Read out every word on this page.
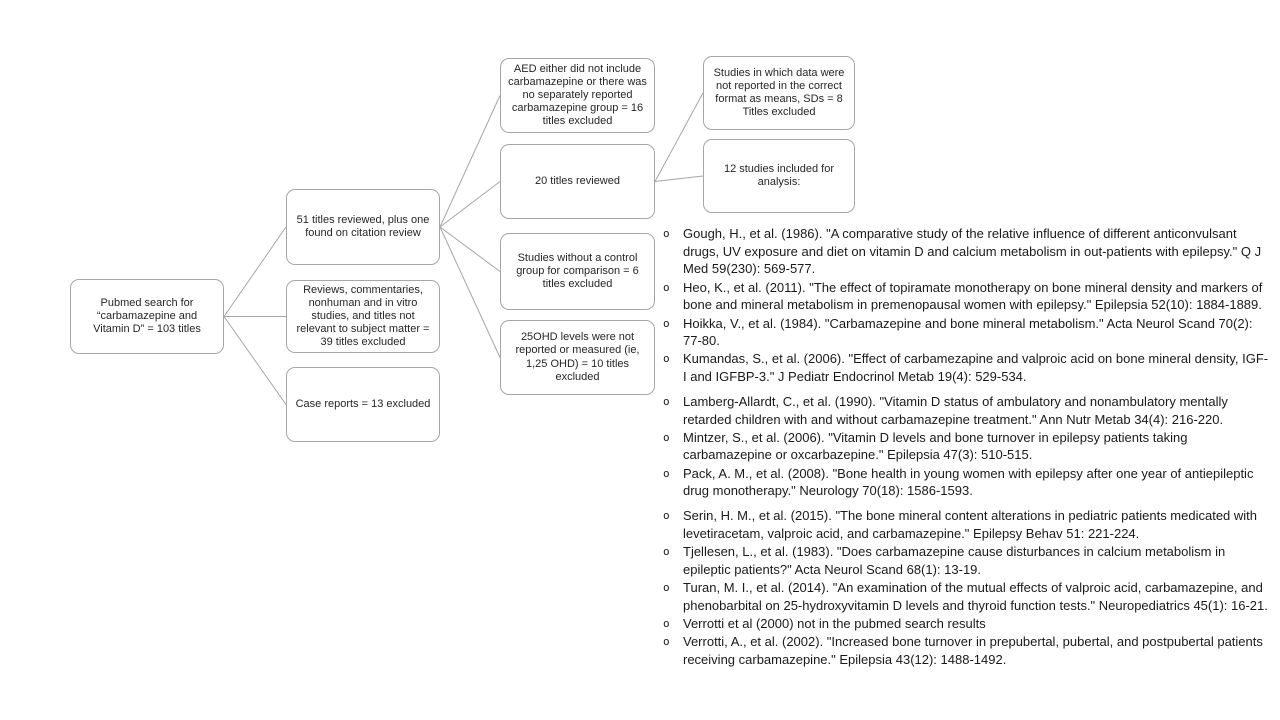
Pubmed search for “carbamazepine and Vitamin D” = 103 titles
51 titles reviewed, plus one found on citation review
Reviews, commentaries, nonhuman and in vitro studies, and titles not relevant to subject matter = 39 titles excluded
Case reports = 13 excluded
AED either did not include carbamazepine or there was no separately reported carbamazepine group = 16 titles excluded
20 titles reviewed
Studies without a control group for comparison = 6 titles excluded
25OHD levels were not reported or measured (ie, 1,25 OHD) = 10 titles excluded
Studies in which data were not reported in the correct format as means, SDs = 8 Titles excluded
12 studies included for analysis:
o	Gough, H., et al. (1986). "A comparative study of the relative influence of different anticonvulsant drugs, UV exposure and diet on vitamin D and calcium metabolism in out-patients with epilepsy." Q J Med 59(230): 569-577.
o	Heo, K., et al. (2011). "The effect of topiramate monotherapy on bone mineral density and markers of bone and mineral metabolism in premenopausal women with epilepsy." Epilepsia 52(10): 1884-1889.
o	Hoikka, V., et al. (1984). "Carbamazepine and bone mineral metabolism." Acta Neurol Scand 70(2): 77-80.
o	Kumandas, S., et al. (2006). "Effect of carbamezapine and valproic acid on bone mineral density, IGF-I and IGFBP-3." J Pediatr Endocrinol Metab 19(4): 529-534.
o	Lamberg-Allardt, C., et al. (1990). "Vitamin D status of ambulatory and nonambulatory mentally retarded children with and without carbamazepine treatment." Ann Nutr Metab 34(4): 216-220.
o	Mintzer, S., et al. (2006). "Vitamin D levels and bone turnover in epilepsy patients taking carbamazepine or oxcarbazepine." Epilepsia 47(3): 510-515.
o	Pack, A. M., et al. (2008). "Bone health in young women with epilepsy after one year of antiepileptic drug monotherapy." Neurology 70(18): 1586-1593.
o	Serin, H. M., et al. (2015). "The bone mineral content alterations in pediatric patients medicated with levetiracetam, valproic acid, and carbamazepine." Epilepsy Behav 51: 221-224.
o	Tjellesen, L., et al. (1983). "Does carbamazepine cause disturbances in calcium metabolism in epileptic patients?" Acta Neurol Scand 68(1): 13-19.
o	Turan, M. I., et al. (2014). "An examination of the mutual effects of valproic acid, carbamazepine, and phenobarbital on 25-hydroxyvitamin D levels and thyroid function tests." Neuropediatrics 45(1): 16-21.
o	Verrotti et al (2000) not in the pubmed search results
o	Verrotti, A., et al. (2002). "Increased bone turnover in prepubertal, pubertal, and postpubertal patients receiving carbamazepine." Epilepsia 43(12): 1488-1492.
